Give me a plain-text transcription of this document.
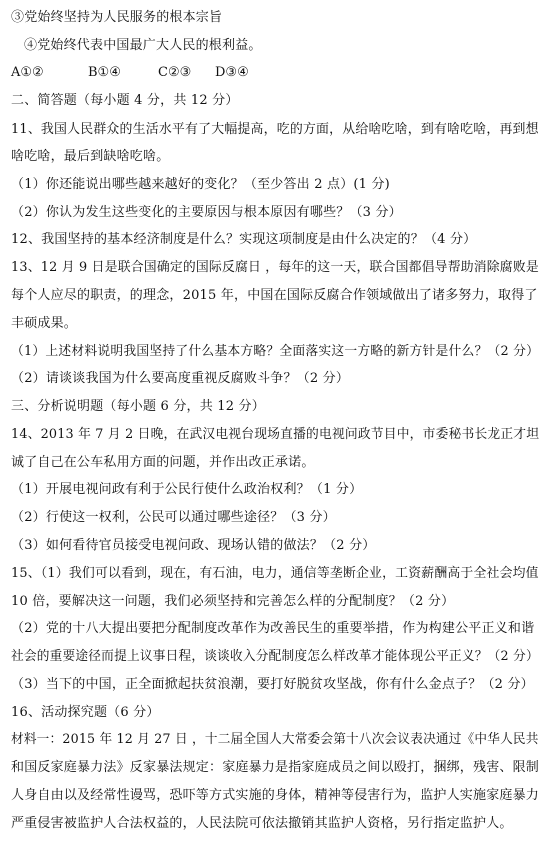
③党始终坚持为人民服务的根本宗旨
④党始终代表中国最广大人民的根利益。
A①②	B①④	C②③ D③④
二、简答题（每小题 4 分，共 12 分）
11、我国人民群众的生活水平有了大幅提高，吃的方面，从给啥吃啥，到有啥吃啥，再到想
啥吃啥，最后到缺啥吃啥。
（1）你还能说出哪些越来越好的变化？（至少答出 2 点）(1 分)
（2）你认为发生这些变化的主要原因与根本原因有哪些？（3 分）
12、我国坚持的基本经济制度是什么？实现这项制度是由什么决定的？（4 分）
13、12 月 9 日是联合国确定的国际反腐日 ，每年的这一天，联合国都倡导帮助消除腐败是
每个人应尽的职责，的理念，2015 年，中国在国际反腐合作领域做出了诸多努力，取得了
丰硕成果。
（1）上述材料说明我国坚持了什么基本方略？全面落实这一方略的新方针是什么？（2 分）
（2）请谈谈我国为什么要高度重视反腐败斗争？（2 分）
三、分析说明题（每小题 6 分，共 12 分）
14、2013 年 7 月 2 日晚，在武汉电视台现场直播的电视问政节目中，市委秘书长龙正才坦
诚了自己在公车私用方面的问题，并作出改正承诺。
（1）开展电视问政有利于公民行使什么政治权利？（1 分）
（2）行使这一权利，公民可以通过哪些途径？（3 分）
（3）如何看待官员接受电视问政、现场认错的做法？（2 分）
15、（1）我们可以看到，现在，有石油，电力，通信等垄断企业，工资薪酬高于全社会均值
10 倍，要解决这一问题，我们必须坚持和完善怎么样的分配制度？（2 分）
（2）党的十八大提出要把分配制度改革作为改善民生的重要举措，作为构建公平正义和谐
社会的重要途径而提上议事日程，谈谈收入分配制度怎么样改革才能体现公平正义？（2 分）
（3）当下的中国，正全面掀起扶贫浪潮，要打好脱贫攻坚战，你有什么金点子？（2 分）
16、活动探究题（6 分）
材料一：2015 年 12 月 27 日 ，十二届全国人大常委会第十八次会议表决通过《中华人民共
和国反家庭暴力法》反家暴法规定：家庭暴力是指家庭成员之间以殴打，捆绑，残害、限制
人身自由以及经常性谩骂，恐吓等方式实施的身体，精神等侵害行为，监护人实施家庭暴力
严重侵害被监护人合法权益的，人民法院可依法撤销其监护人资格，另行指定监护人。
